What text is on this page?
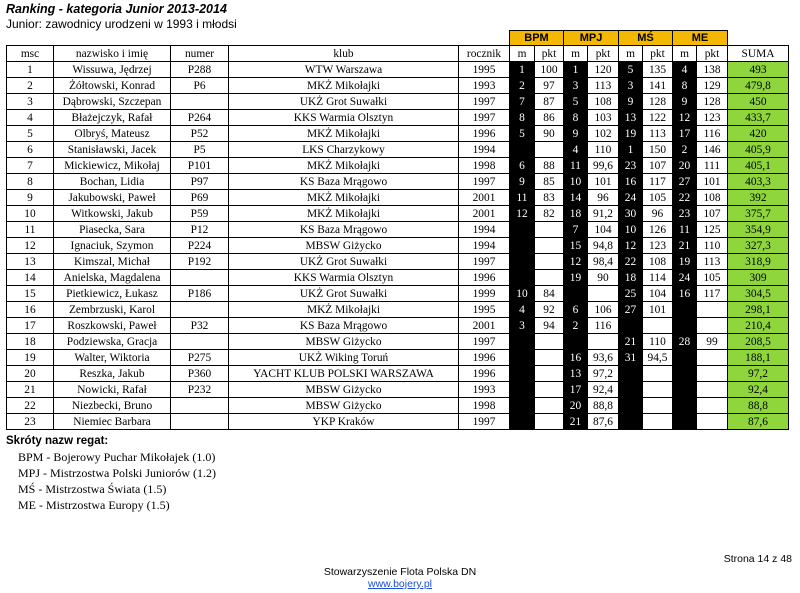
Ranking - kategoria Junior 2013-2014
Junior: zawodnicy urodzeni w 1993 i młodsi
					BPM		MPJ		MŚ		ME		
msc	nazwisko i imię	numer	klub	rocznik	m	pkt	m	pkt	m	pkt	m	pkt	SUMA
1	Wissuwa, Jędrzej	P288	WTW Warszawa	1995	1	100	1	120	5	135	4	138	493
2	Żółtowski, Konrad	P6	MKŻ Mikołajki	1993	2	97	3	113	3	141	8	129	479,8
3	Dąbrowski, Szczepan		UKŻ Grot Suwałki	1997	7	87	5	108	9	128	9	128	450
4	Błażejczyk, Rafał	P264	KKS Warmia Olsztyn	1997	8	86	8	103	13	122	12	123	433,7
5	Olbryś, Mateusz	P52	MKŻ Mikołajki	1996	5	90	9	102	19	113	17	116	420
6	Stanisławski, Jacek	P5	LKS Charzykowy	1994			4	110	1	150	2	146	405,9
7	Mickiewicz, Mikołaj	P101	MKŻ Mikołajki	1998	6	88	11	99,6	23	107	20	111	405,1
8	Bochan, Lidia	P97	KS Baza Mrągowo	1997	9	85	10	101	16	117	27	101	403,3
9	Jakubowski, Paweł	P69	MKŻ Mikołajki	2001	11	83	14	96	24	105	22	108	392
10	Witkowski, Jakub	P59	MKŻ Mikołajki	2001	12	82	18	91,2	30	96	23	107	375,7
11	Piasecka, Sara	P12	KS Baza Mrągowo	1994			7	104	10	126	11	125	354,9
12	Ignaciuk, Szymon	P224	MBSW Giżycko	1994			15	94,8	12	123	21	110	327,3
13	Kimszal, Michał	P192	UKŻ Grot Suwałki	1997			12	98,4	22	108	19	113	318,9
14	Anielska, Magdalena		KKS Warmia Olsztyn	1996			19	90	18	114	24	105	309
15	Pietkiewicz, Łukasz	P186	UKŻ Grot Suwałki	1999	10	84			25	104	16	117	304,5
16	Zembrzuski, Karol		MKŻ Mikołajki	1995	4	92	6	106	27	101			298,1
17	Roszkowski, Paweł	P32	KS Baza Mrągowo	2001	3	94	2	116					210,4
18	Podziewska, Gracja		MBSW Giżycko	1997					21	110	28	99	208,5
19	Walter, Wiktoria	P275	UKŻ Wiking Toruń	1996			16	93,6	31	94,5			188,1
20	Reszka, Jakub	P360	YACHT KLUB POLSKI WARSZAWA	1996			13	97,2					97,2
21	Nowicki, Rafał	P232	MBSW Giżycko	1993			17	92,4					92,4
22	Niezbecki, Bruno		MBSW Giżycko	1998			20	88,8					88,8
23	Niemiec Barbara		YKP Kraków	1997			21	87,6					87,6
Skróty nazw regat:
BPM - Bojerowy Puchar Mikołajek (1.0)
MPJ - Mistrzostwa Polski Juniorów (1.2)
MŚ - Mistrzostwa Świata (1.5)
ME - Mistrzostwa Europy (1.5)
Strona 14 z 48
Stowarzyszenie Flota Polska DN
www.bojery.pl
